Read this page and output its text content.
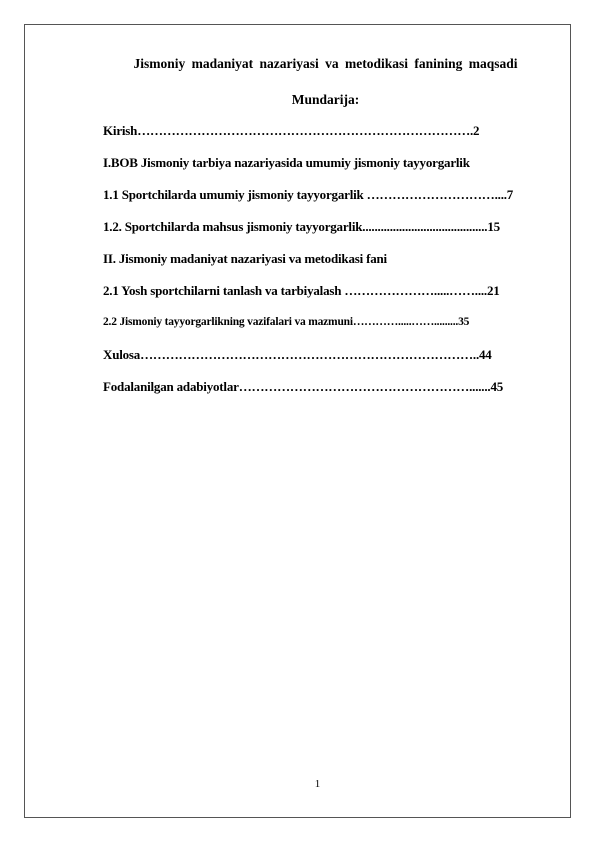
Jismoniy madaniyat nazariyasi va metodikasi fanining maqsadi
Mundarija:
Kirish…………………………………………………………………….2
I.BOB Jismoniy tarbiya nazariyasida umumiy jismoniy tayyorgarlik
1.1 Sportchilarda umumiy jismoniy tayyorgarlik …………………………....7
1.2. Sportchilarda mahsus jismoniy tayyorgarlik.........................................15
II. Jismoniy madaniyat nazariyasi va metodikasi fani
2.1 Yosh sportchilarni tanlash va tarbiyalash ………………….....……....21
2.2 Jismoniy tayyorgarlikning vazifalari va mazmuni………….....…….........35
Xulosa……………………………………………………………………..44
Fodalanilgan adabiyotlar……………………………………………….......45
1
